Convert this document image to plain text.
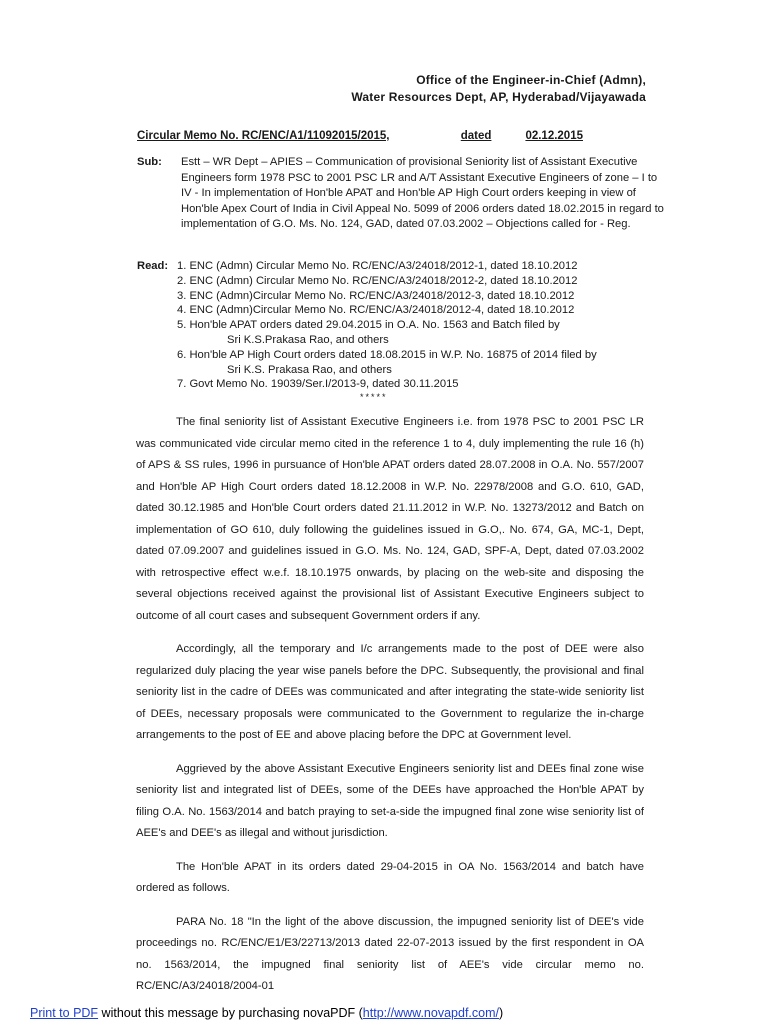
Office of the Engineer-in-Chief (Admn),
Water Resources Dept, AP, Hyderabad/Vijayawada
Circular Memo No. RC/ENC/A1/11092015/2015,	dated	02.12.2015
Sub: Estt – WR Dept – APIES – Communication of provisional Seniority list of Assistant Executive Engineers form 1978 PSC to 2001 PSC LR and A/T Assistant Executive Engineers of zone – I to IV - In implementation of Hon'ble APAT and Hon'ble AP High Court orders keeping in view of Hon'ble Apex Court of India in Civil Appeal No. 5099 of 2006 orders dated 18.02.2015 in regard to implementation of G.O. Ms. No. 124, GAD, dated 07.03.2002 – Objections called for - Reg.
Read: 1. ENC (Admn) Circular Memo No. RC/ENC/A3/24018/2012-1, dated 18.10.2012
2. ENC (Admn) Circular Memo No. RC/ENC/A3/24018/2012-2, dated 18.10.2012
3. ENC (Admn)Circular Memo No. RC/ENC/A3/24018/2012-3, dated 18.10.2012
4. ENC (Admn)Circular Memo No. RC/ENC/A3/24018/2012-4, dated 18.10.2012
5. Hon'ble APAT orders dated 29.04.2015 in O.A. No. 1563 and Batch filed by
Sri K.S.Prakasa Rao, and others
6. Hon'ble AP High Court orders dated 18.08.2015 in W.P. No. 16875 of 2014 filed by
Sri K.S. Prakasa Rao, and others
7. Govt Memo No. 19039/Ser.I/2013-9, dated 30.11.2015
*****

The final seniority list of Assistant Executive Engineers i.e. from 1978 PSC to 2001 PSC LR was communicated vide circular memo cited in the reference 1 to 4, duly implementing the rule 16 (h) of APS & SS rules, 1996 in pursuance of Hon'ble APAT orders dated 28.07.2008 in O.A. No. 557/2007 and Hon'ble AP High Court orders dated 18.12.2008 in W.P. No. 22978/2008 and G.O. 610, GAD, dated 30.12.1985 and Hon'ble Court orders dated 21.11.2012 in W.P. No. 13273/2012 and Batch on implementation of GO 610, duly following the guidelines issued in G.O,. No. 674, GA, MC-1, Dept, dated 07.09.2007 and guidelines issued in G.O. Ms. No. 124, GAD, SPF-A, Dept, dated 07.03.2002 with retrospective effect w.e.f. 18.10.1975 onwards, by placing on the web-site and disposing the several objections received against the provisional list of Assistant Executive Engineers subject to outcome of all court cases and subsequent Government orders if any.

Accordingly, all the temporary and I/c arrangements made to the post of DEE were also regularized duly placing the year wise panels before the DPC. Subsequently, the provisional and final seniority list in the cadre of DEEs was communicated and after integrating the state-wide seniority list of DEEs, necessary proposals were communicated to the Government to regularize the in-charge arrangements to the post of EE and above placing before the DPC at Government level.

Aggrieved by the above Assistant Executive Engineers seniority list and DEEs final zone wise seniority list and integrated list of DEEs, some of the DEEs have approached the Hon'ble APAT by filing O.A. No. 1563/2014 and batch praying to set-a-side the impugned final zone wise seniority list of AEE's and DEE's as illegal and without jurisdiction.

The Hon'ble APAT in its orders dated 29-04-2015 in OA No. 1563/2014 and batch have ordered as follows.

PARA No. 18 "In the light of the above discussion, the impugned seniority list of DEE's vide proceedings no. RC/ENC/E1/E3/22713/2013 dated 22-07-2013 issued by the first respondent in OA no. 1563/2014, the impugned final seniority list of AEE's vide circular memo no. RC/ENC/A3/24018/2004-01

Print to PDF without this message by purchasing novaPDF (http://www.novapdf.com/)
